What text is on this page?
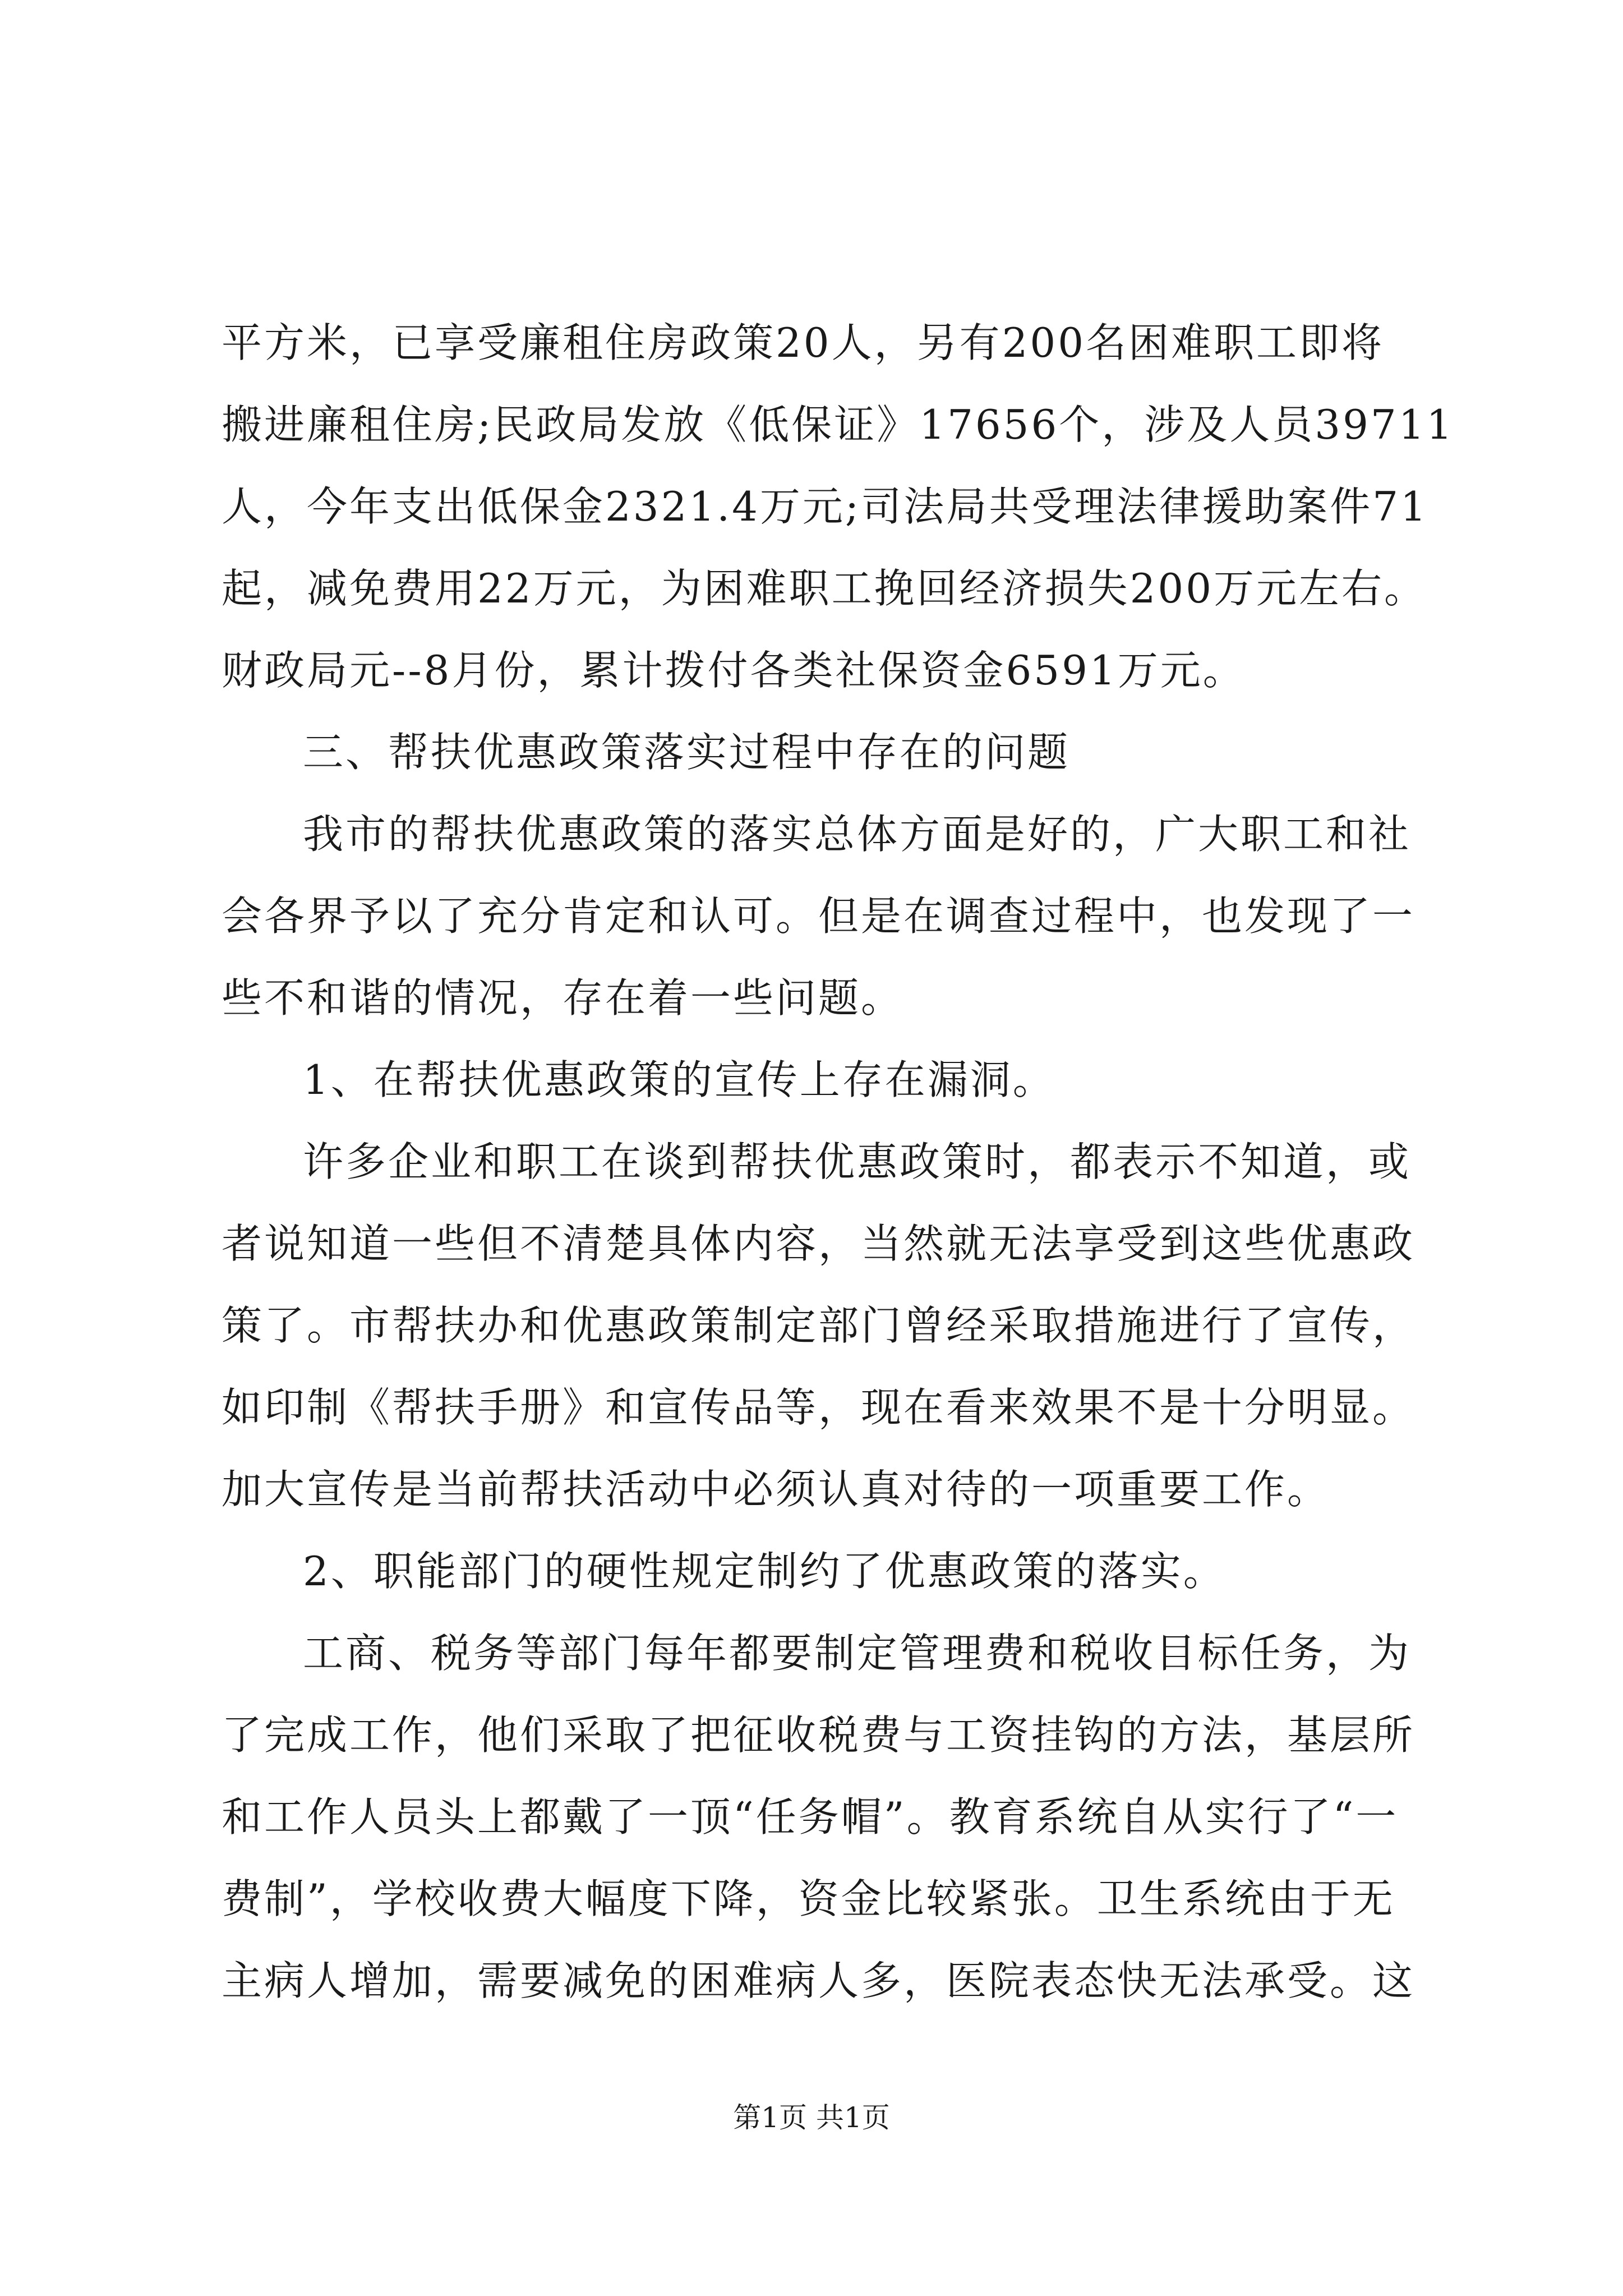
平方米，已享受廉租住房政策20人，另有200名困难职工即将
搬进廉租住房;民政局发放《低保证》17656个，涉及人员39711
人，今年支出低保金2321.4万元;司法局共受理法律援助案件71
起，减免费用22万元，为困难职工挽回经济损失200万元左右。
财政局元--8月份，累计拨付各类社保资金6591万元。
三、帮扶优惠政策落实过程中存在的问题
我市的帮扶优惠政策的落实总体方面是好的，广大职工和社
会各界予以了充分肯定和认可。但是在调查过程中，也发现了一
些不和谐的情况，存在着一些问题。
1、在帮扶优惠政策的宣传上存在漏洞。
许多企业和职工在谈到帮扶优惠政策时，都表示不知道，或
者说知道一些但不清楚具体内容，当然就无法享受到这些优惠政
策了。市帮扶办和优惠政策制定部门曾经采取措施进行了宣传，
如印制《帮扶手册》和宣传品等，现在看来效果不是十分明显。
加大宣传是当前帮扶活动中必须认真对待的一项重要工作。
2、职能部门的硬性规定制约了优惠政策的落实。
工商、税务等部门每年都要制定管理费和税收目标任务，为
了完成工作，他们采取了把征收税费与工资挂钩的方法，基层所
和工作人员头上都戴了一顶“任务帽”。教育系统自从实行了“一
费制”，学校收费大幅度下降，资金比较紧张。卫生系统由于无
主病人增加，需要减免的困难病人多，医院表态快无法承受。这
第1页 共1页
